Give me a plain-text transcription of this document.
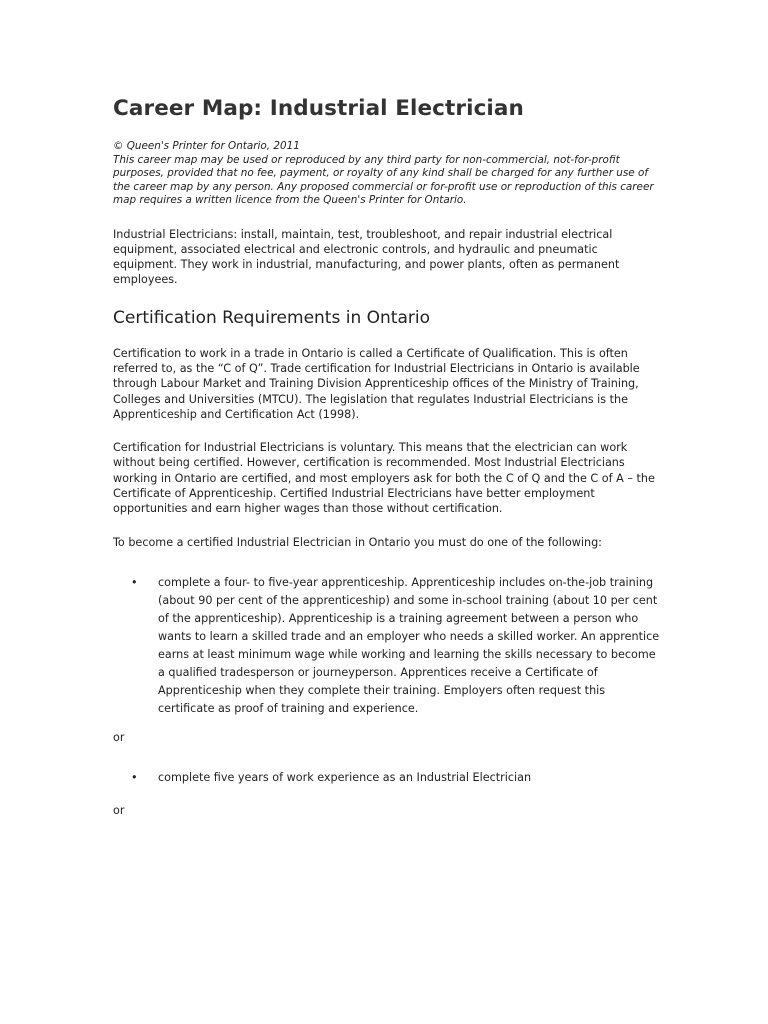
Career Map: Industrial Electrician
© Queen's Printer for Ontario, 2011
This career map may be used or reproduced by any third party for non-commercial, not-for-profit purposes, provided that no fee, payment, or royalty of any kind shall be charged for any further use of the career map by any person. Any proposed commercial or for-profit use or reproduction of this career map requires a written licence from the Queen's Printer for Ontario.

Industrial Electricians: install, maintain, test, troubleshoot, and repair industrial electrical equipment, associated electrical and electronic controls, and hydraulic and pneumatic equipment. They work in industrial, manufacturing, and power plants, often as permanent employees.

Certification Requirements in Ontario

Certification to work in a trade in Ontario is called a Certificate of Qualification. This is often referred to, as the “C of Q”. Trade certification for Industrial Electricians in Ontario is available through Labour Market and Training Division Apprenticeship offices of the Ministry of Training, Colleges and Universities (MTCU). The legislation that regulates Industrial Electricians is the Apprenticeship and Certification Act (1998).

Certification for Industrial Electricians is voluntary. This means that the electrician can work without being certified. However, certification is recommended. Most Industrial Electricians working in Ontario are certified, and most employers ask for both the C of Q and the C of A – the Certificate of Apprenticeship. Certified Industrial Electricians have better employment opportunities and earn higher wages than those without certification.

To become a certified Industrial Electrician in Ontario you must do one of the following:

• complete a four- to five-year apprenticeship. Apprenticeship includes on-the-job training (about 90 per cent of the apprenticeship) and some in-school training (about 10 per cent of the apprenticeship). Apprenticeship is a training agreement between a person who wants to learn a skilled trade and an employer who needs a skilled worker. An apprentice earns at least minimum wage while working and learning the skills necessary to become a qualified tradesperson or journeyperson. Apprentices receive a Certificate of Apprenticeship when they complete their training. Employers often request this certificate as proof of training and experience.

or

• complete five years of work experience as an Industrial Electrician

or
